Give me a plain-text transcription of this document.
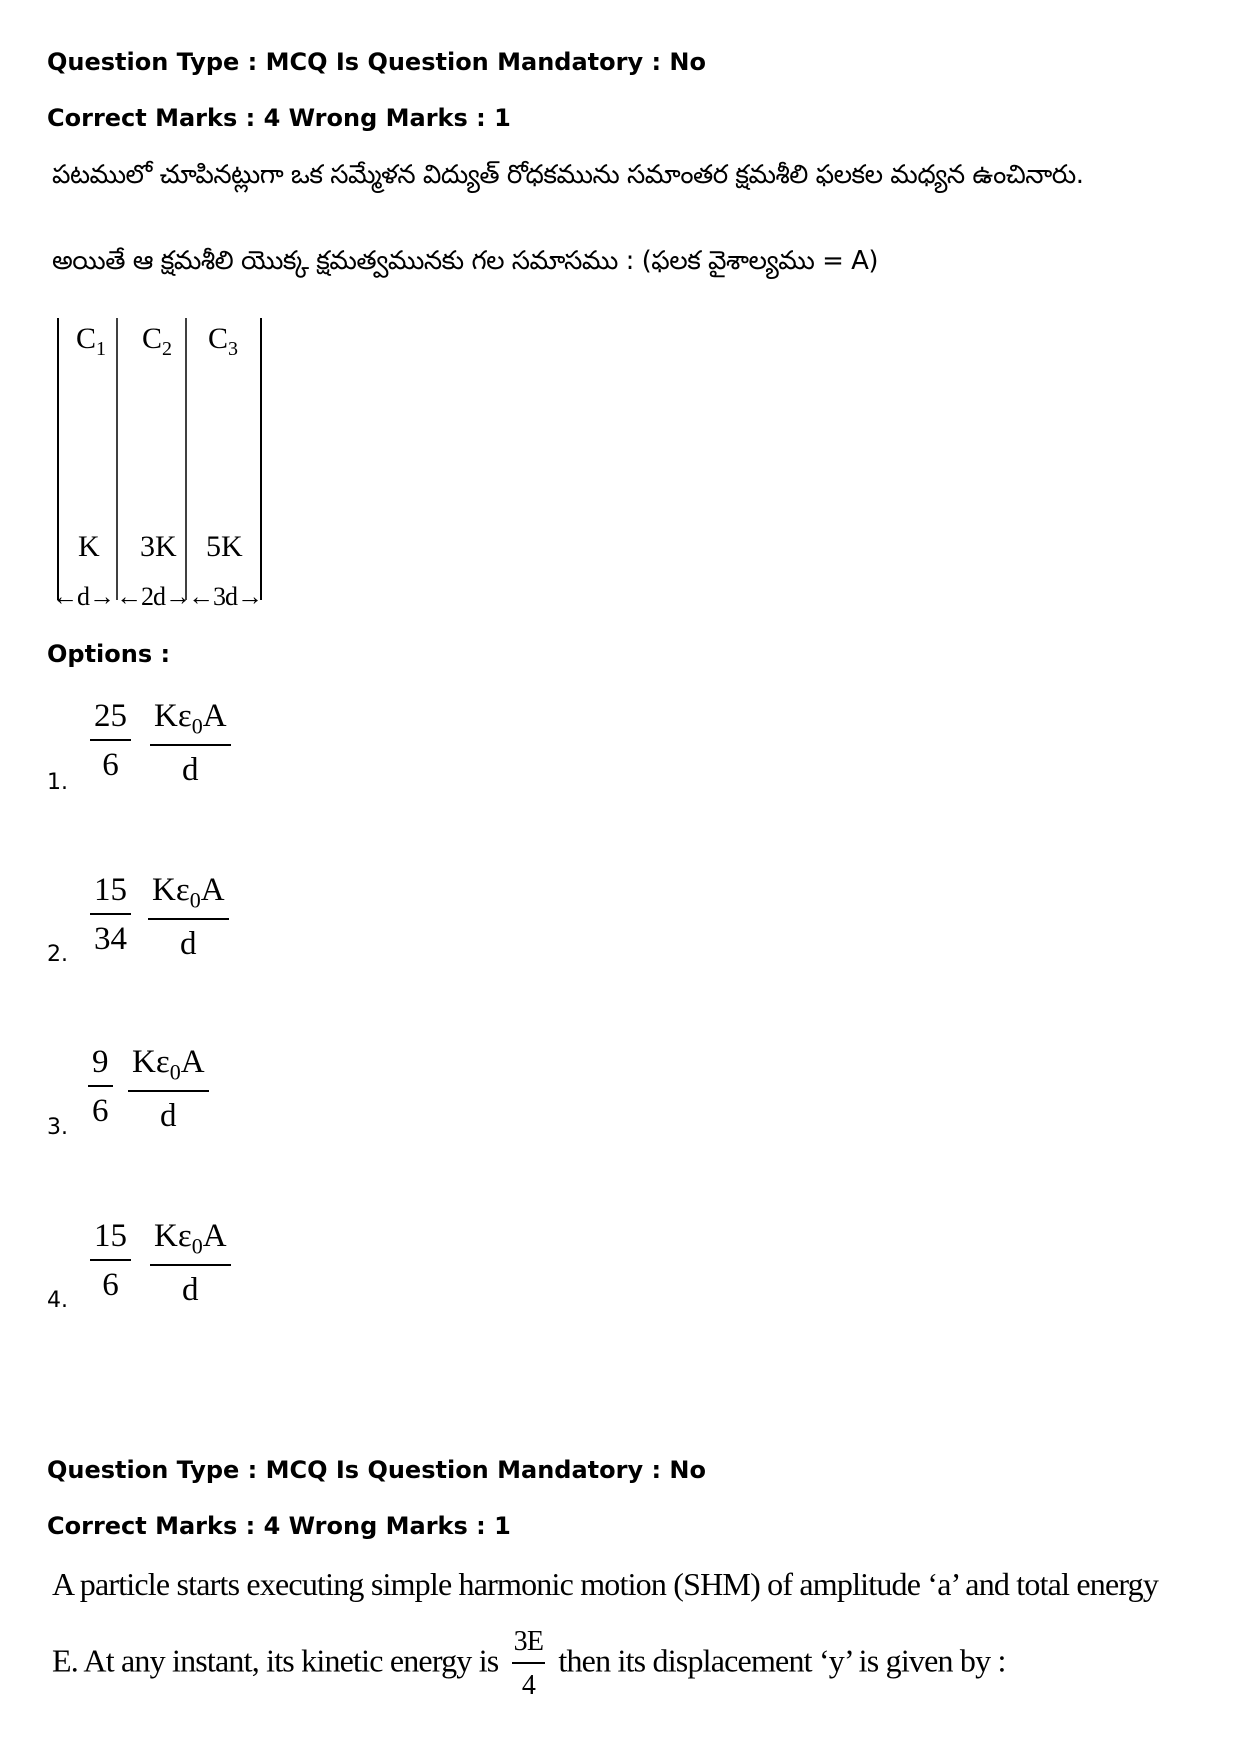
Question Type : MCQ Is Question Mandatory : No
Correct Marks : 4 Wrong Marks : 1
పటములో చూపినట్లుగా ఒక సమ్మేళన విద్యుత్ రోధకమును సమాంతర క్షమశీలి ఫలకల మధ్యన ఉంచినారు.
అయితే ఆ క్షమశీలి యొక్క క్షమత్వమునకు గల సమాసము : (ఫలక వైశాల్యము = A)
$C_1$ $C_2$ $C_3$
K 3K 5K
←d→ ←2d→
←3d→
Options :
1.
$\frac{25}{6} \frac{K\varepsilon_0A}{d}$
2. $\frac{15}{34} \frac{K\varepsilon_0A}{d}$
3. $\frac{9}{6} \frac{K\varepsilon_0A}{d}$
4. $\frac{15}{6} \frac{K\varepsilon_0A}{d}$
Question Type : MCQ Is Question Mandatory : No
Correct Marks : 4 Wrong Marks : 1
A particle starts executing simple harmonic motion (SHM) of amplitude ‘a’ and total energy
E. At any instant, its kinetic energy is $\frac{3E}{4}$ then its displacement ‘y’ is given by :
